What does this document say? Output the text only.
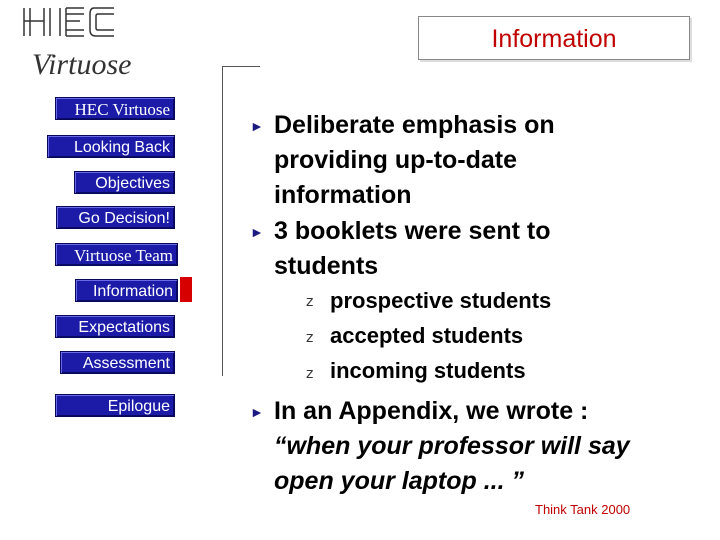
Virtuose
Information
HEC Virtuose
Looking Back
Objectives
Go Decision!
Virtuose Team
Information
Expectations
Assessment
Epilogue
► Deliberate emphasis on
providing up-to-date
information
► 3 booklets were sent to
students
z prospective students
z accepted students
z incoming students
► In an Appendix, we wrote :
“when your professor will say
open your laptop ... ”
Think Tank 2000
